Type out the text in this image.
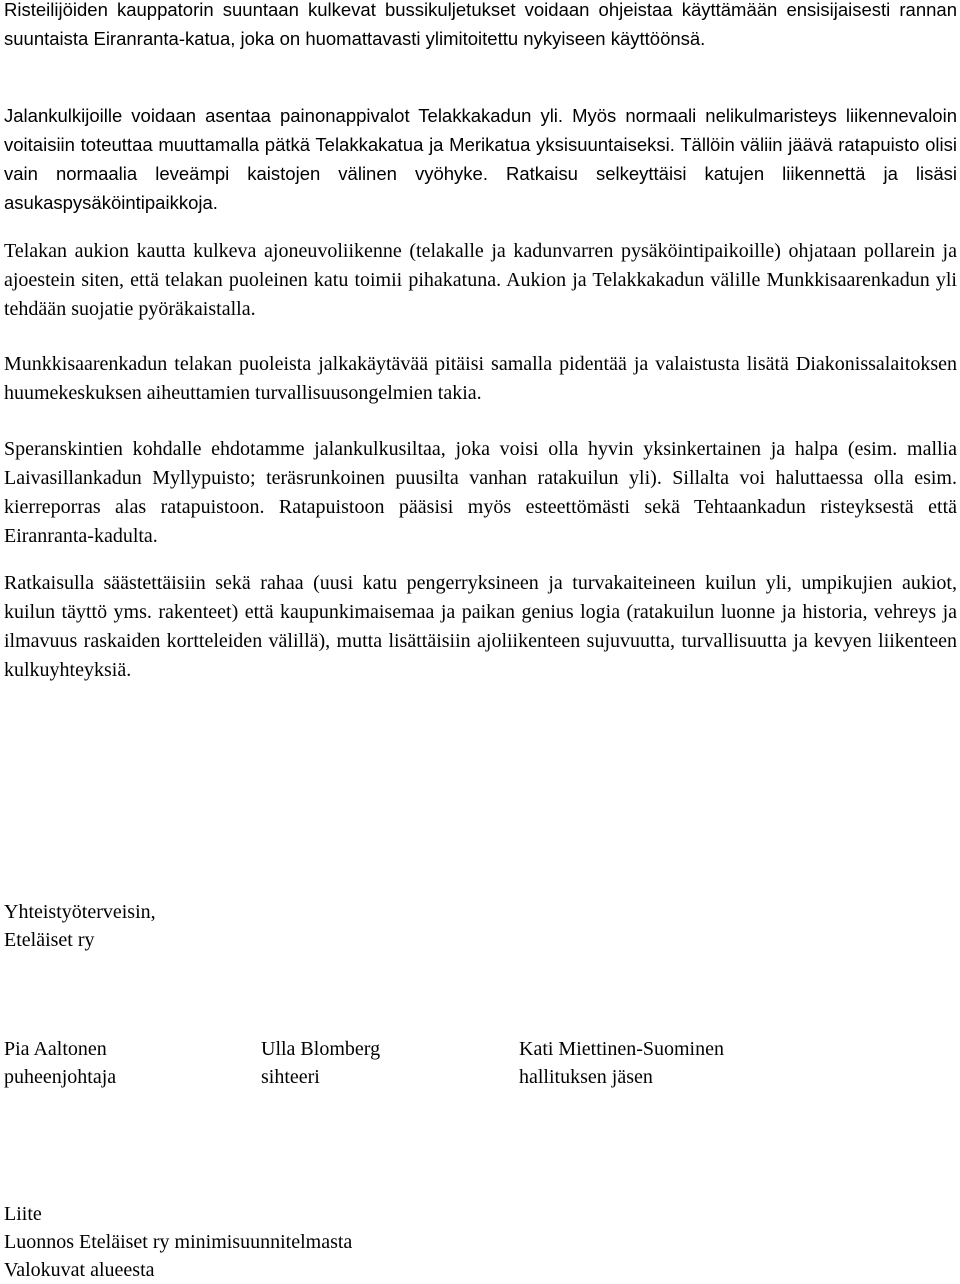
Risteilijöiden kauppatorin suuntaan kulkevat bussikuljetukset voidaan ohjeistaa käyttämään ensisijaisesti rannan suuntaista Eiranranta-katua, joka on huomattavasti ylimitoitettu nykyiseen käyttöönsä.

Jalankulkijoille voidaan asentaa painonappivalot Telakkakadun yli. Myös normaali nelikulmaristeys liikennevaloin voitaisiin toteuttaa muuttamalla pätkä Telakkakatua ja Merikatua yksisuuntaiseksi. Tällöin väliin jäävä ratapuisto olisi vain normaalia leveämpi kaistojen välinen vyöhyke. Ratkaisu selkeyttäisi katujen liikennettä ja lisäsi asukaspysäköintipaikkoja.

Telakan aukion kautta kulkeva ajoneuvoliikenne (telakalle ja kadunvarren pysäköintipaikoille) ohjataan pollarein ja ajoestein siten, että telakan puoleinen katu toimii pihakatuna. Aukion ja Telakkakadun välille Munkkisaarenkadun yli tehdään suojatie pyöräkaistalla.

Munkkisaarenkadun telakan puoleista jalkakäytävää pitäisi samalla pidentää ja valaistusta lisätä Diakonissalaitoksen huumekeskuksen aiheuttamien turvallisuusongelmien takia.

Speranskintien kohdalle ehdotamme jalankulkusiltaa, joka voisi olla hyvin yksinkertainen ja halpa (esim. mallia Laivasillankadun Myllypuisto; teräsrunkoinen puusilta vanhan ratakuilun yli). Sillalta voi haluttaessa olla esim. kierreporras alas ratapuistoon. Ratapuistoon pääsisi myös esteettömästi sekä Tehtaankadun risteyksestä että Eiranranta-kadulta.

Ratkaisulla säästettäisiin sekä rahaa (uusi katu pengerryksineen ja turvakaiteineen kuilun yli, umpikujien aukiot, kuilun täyttö yms. rakenteet) että kaupunkimaisemaa ja paikan genius logia (ratakuilun luonne ja historia, vehreys ja ilmavuus raskaiden kortteleiden välillä), mutta lisättäisiin ajoliikenteen sujuvuutta, turvallisuutta ja kevyen liikenteen kulkuyhteyksiä.

Yhteistyöterveisin,
Eteläiset ry
Pia Aaltonen
puheenjohtaja
Ulla Blomberg
sihteeri
Kati Miettinen-Suominen
hallituksen jäsen
Liite
Luonnos Eteläiset ry minimisuunnitelmasta
Valokuvat alueesta
